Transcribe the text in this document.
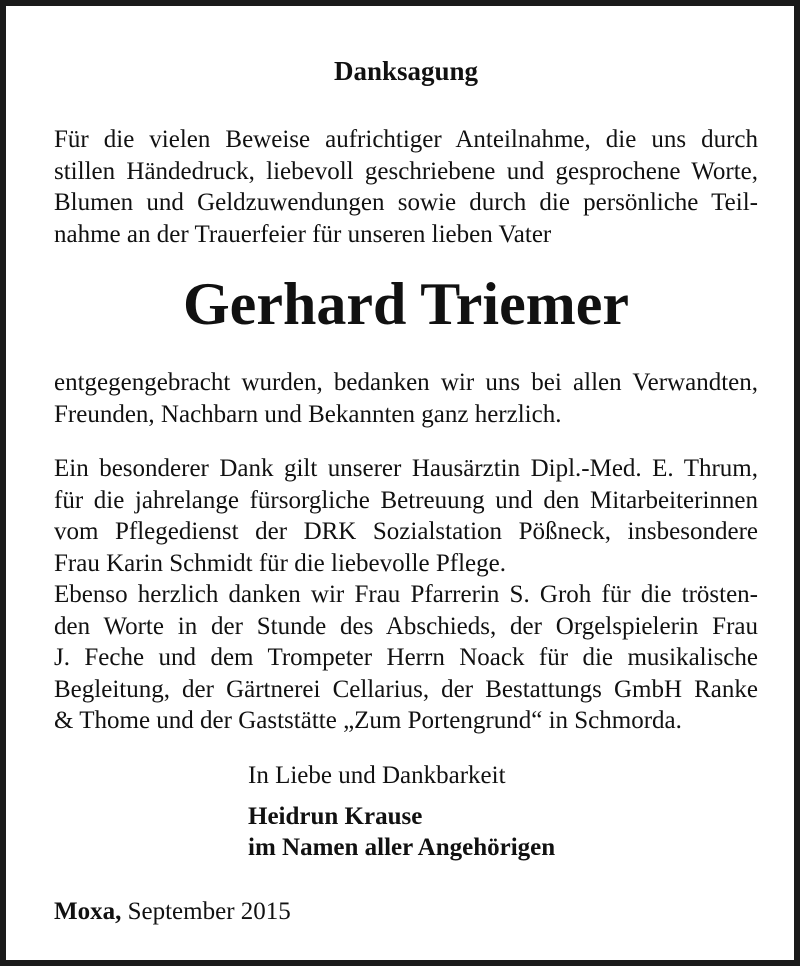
Danksagung
Für die vielen Beweise aufrichtiger Anteilnahme, die uns durch
stillen Händedruck, liebevoll geschriebene und gesprochene Worte,
Blumen und Geldzuwendungen sowie durch die persönliche Teil-
nahme an der Trauerfeier für unseren lieben Vater
Gerhard Triemer
entgegengebracht wurden, bedanken wir uns bei allen Verwandten,
Freunden, Nachbarn und Bekannten ganz herzlich.
Ein besonderer Dank gilt unserer Hausärztin Dipl.-Med. E. Thrum,
für die jahrelange fürsorgliche Betreuung und den Mitarbeiterinnen
vom Pflegedienst der DRK Sozialstation Pößneck, insbesondere
Frau Karin Schmidt für die liebevolle Pflege.
Ebenso herzlich danken wir Frau Pfarrerin S. Groh für die trösten-
den Worte in der Stunde des Abschieds, der Orgelspielerin Frau
J. Feche und dem Trompeter Herrn Noack für die musikalische
Begleitung, der Gärtnerei Cellarius, der Bestattungs GmbH Ranke
& Thome und der Gaststätte „Zum Portengrund“ in Schmorda.
In Liebe und Dankbarkeit
Heidrun Krause
im Namen aller Angehörigen
Moxa, September 2015
